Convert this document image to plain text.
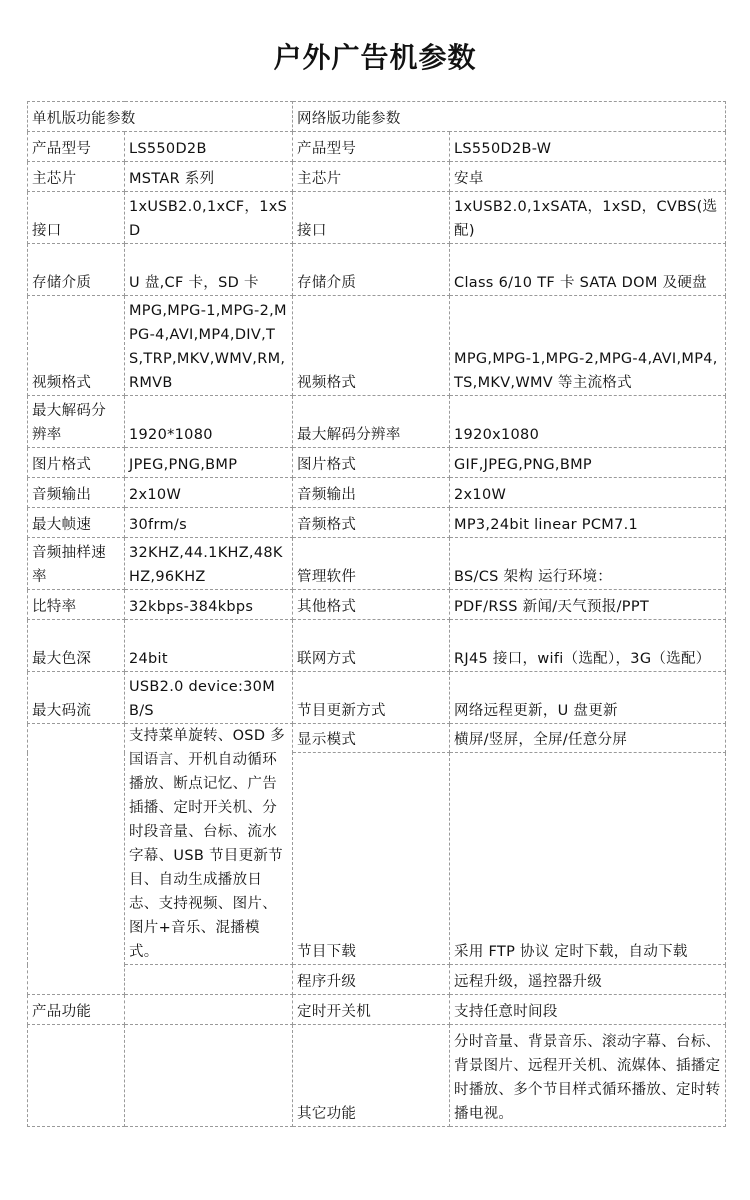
户外广告机参数
单机版功能参数		网络版功能参数	
产品型号	LS550D2B	产品型号	LS550D2B-W
主芯片	MSTAR 系列	主芯片	安卓
接口	1xUSB2.0,1xCF，1xSD	接口	1xUSB2.0,1xSATA，1xSD，CVBS(选配)
存储介质	U 盘,CF 卡，SD 卡	存储介质	Class 6/10 TF 卡 SATA DOM 及硬盘
视频格式	MPG,MPG-1,MPG-2,MPG-4,AVI,MP4,DIV,TS,TRP,MKV,WMV,RM,RMVB	视频格式	MPG,MPG-1,MPG-2,MPG-4,AVI,MP4, TS,MKV,WMV 等主流格式
最大解码分辨率	1920*1080	最大解码分辨率	1920x1080
图片格式	JPEG,PNG,BMP	图片格式	GIF,JPEG,PNG,BMP
音频输出	2x10W	音频输出	2x10W
最大帧速	30frm/s	音频格式	MP3,24bit linear PCM7.1
音频抽样速率	32KHZ,44.1KHZ,48KHZ,96KHZ	管理软件	BS/CS 架构 运行环境：
比特率	32kbps-384kbps	其他格式	PDF/RSS 新闻/天气预报/PPT
最大色深	24bit	联网方式	RJ45 接口，wifi（选配），3G（选配）
最大码流	USB2.0 device:30MB/S	节目更新方式	网络远程更新，U 盘更新
	支持菜单旋转、OSD 多国语言、开机自动循环播放、断点记忆、广告插播、定时开关机、分时段音量、台标、流水字幕、USB 节目更新节目、自动生成播放日志、支持视频、图片、图片+音乐、混播模式。	显示模式	横屏/竖屏，全屏/任意分屏
		节目下载	采用 FTP 协议 定时下载，自动下载
		程序升级	远程升级，遥控器升级
产品功能		定时开关机	支持任意时间段
		其它功能	分时音量、背景音乐、滚动字幕、台标、背景图片、远程开关机、流媒体、插播定时播放、多个节目样式循环播放、定时转播电视。
